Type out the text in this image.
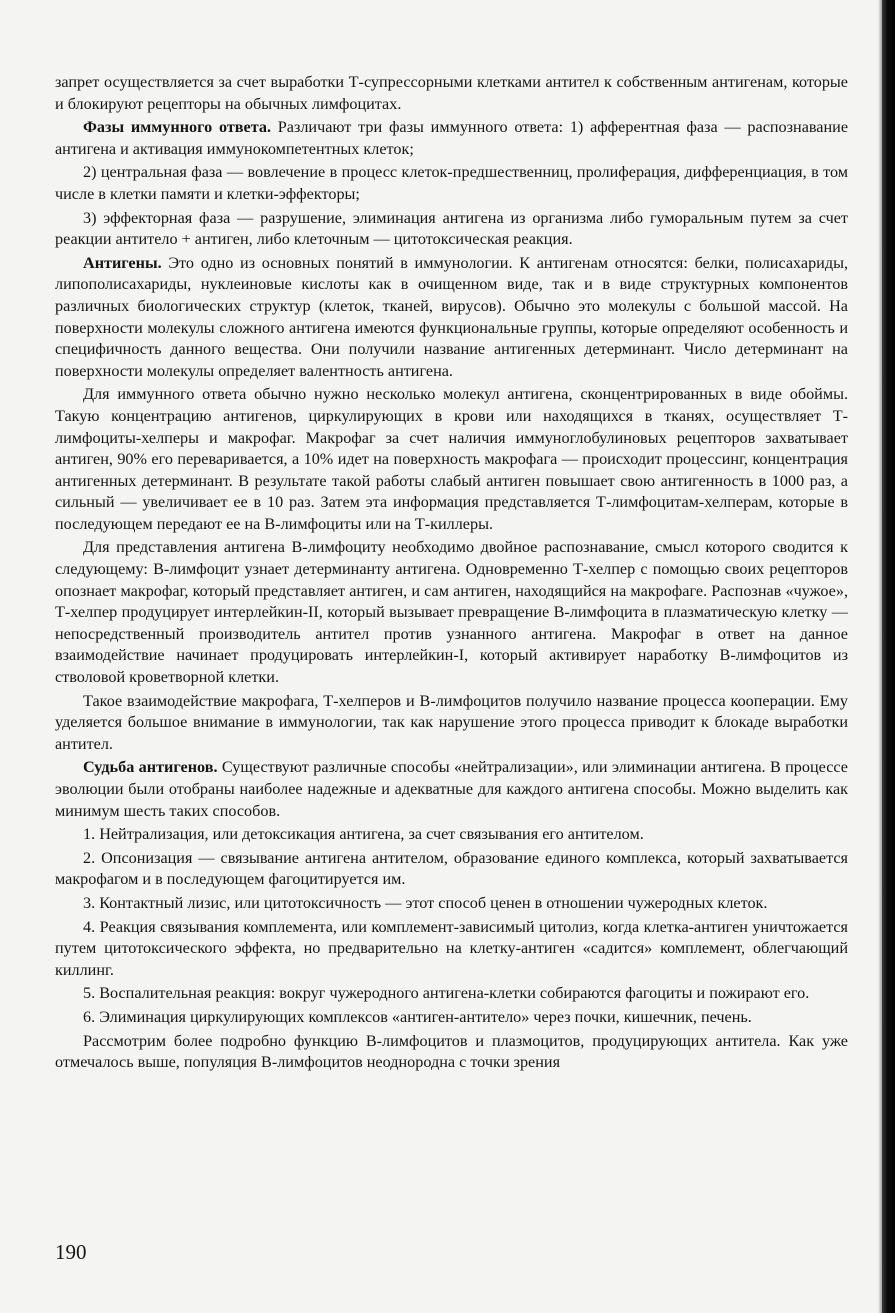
запрет осуществляется за счет выработки Т-супрессорными клетками антител к собственным антигенам, которые и блокируют рецепторы на обычных лимфоцитах.

Фазы иммунного ответа. Различают три фазы иммунного ответа: 1) афферентная фаза — распознавание антигена и активация иммунокомпетентных клеток;

2) центральная фаза — вовлечение в процесс клеток-предшественниц, пролиферация, дифференциация, в том числе в клетки памяти и клетки-эффекторы;

3) эффекторная фаза — разрушение, элиминация антигена из организма либо гуморальным путем за счет реакции антитело + антиген, либо клеточным — цитотоксическая реакция.

Антигены. Это одно из основных понятий в иммунологии. К антигенам относятся: белки, полисахариды, липополисахариды, нуклеиновые кислоты как в очищенном виде, так и в виде структурных компонентов различных биологических структур (клеток, тканей, вирусов). Обычно это молекулы с большой массой. На поверхности молекулы сложного антигена имеются функциональные группы, которые определяют особенность и специфичность данного вещества. Они получили название антигенных детерминант. Число детерминант на поверхности молекулы определяет валентность антигена.

Для иммунного ответа обычно нужно несколько молекул антигена, сконцентрированных в виде обоймы. Такую концентрацию антигенов, циркулирующих в крови или находящихся в тканях, осуществляет Т-лимфоциты-хелперы и макрофаг. Макрофаг за счет наличия иммуноглобулиновых рецепторов захватывает антиген, 90% его переваривается, а 10% идет на поверхность макрофага — происходит процессинг, концентрация антигенных детерминант. В результате такой работы слабый антиген повышает свою антигенность в 1000 раз, а сильный — увеличивает ее в 10 раз. Затем эта информация представляется Т-лимфоцитам-хелперам, которые в последующем передают ее на В-лимфоциты или на Т-киллеры.

Для представления антигена В-лимфоциту необходимо двойное распознавание, смысл которого сводится к следующему: В-лимфоцит узнает детерминанту антигена. Одновременно Т-хелпер с помощью своих рецепторов опознает макрофаг, который представляет антиген, и сам антиген, находящийся на макрофаге. Распознав «чужое», Т-хелпер продуцирует интерлейкин-II, который вызывает превращение В-лимфоцита в плазматическую клетку — непосредственный производитель антител против узнанного антигена. Макрофаг в ответ на данное взаимодействие начинает продуцировать интерлейкин-I, который активирует наработку В-лимфоцитов из стволовой кроветворной клетки.

Такое взаимодействие макрофага, Т-хелперов и В-лимфоцитов получило название процесса кооперации. Ему уделяется большое внимание в иммунологии, так как нарушение этого процесса приводит к блокаде выработки антител.

Судьба антигенов. Существуют различные способы «нейтрализации», или элиминации антигена. В процессе эволюции были отобраны наиболее надежные и адекватные для каждого антигена способы. Можно выделить как минимум шесть таких способов.

1. Нейтрализация, или детоксикация антигена, за счет связывания его антителом.

2. Опсонизация — связывание антигена антителом, образование единого комплекса, который захватывается макрофагом и в последующем фагоцитируется им.

3. Контактный лизис, или цитотоксичность — этот способ ценен в отношении чужеродных клеток.

4. Реакция связывания комплемента, или комплемент-зависимый цитолиз, когда клетка-антиген уничтожается путем цитотоксического эффекта, но предварительно на клетку-антиген «садится» комплемент, облегчающий киллинг.

5. Воспалительная реакция: вокруг чужеродного антигена-клетки собираются фагоциты и пожирают его.

6. Элиминация циркулирующих комплексов «антиген-антитело» через почки, кишечник, печень.

Рассмотрим более подробно функцию В-лимфоцитов и плазмоцитов, продуцирующих антитела. Как уже отмечалось выше, популяция В-лимфоцитов неоднородна с точки зрения

190
